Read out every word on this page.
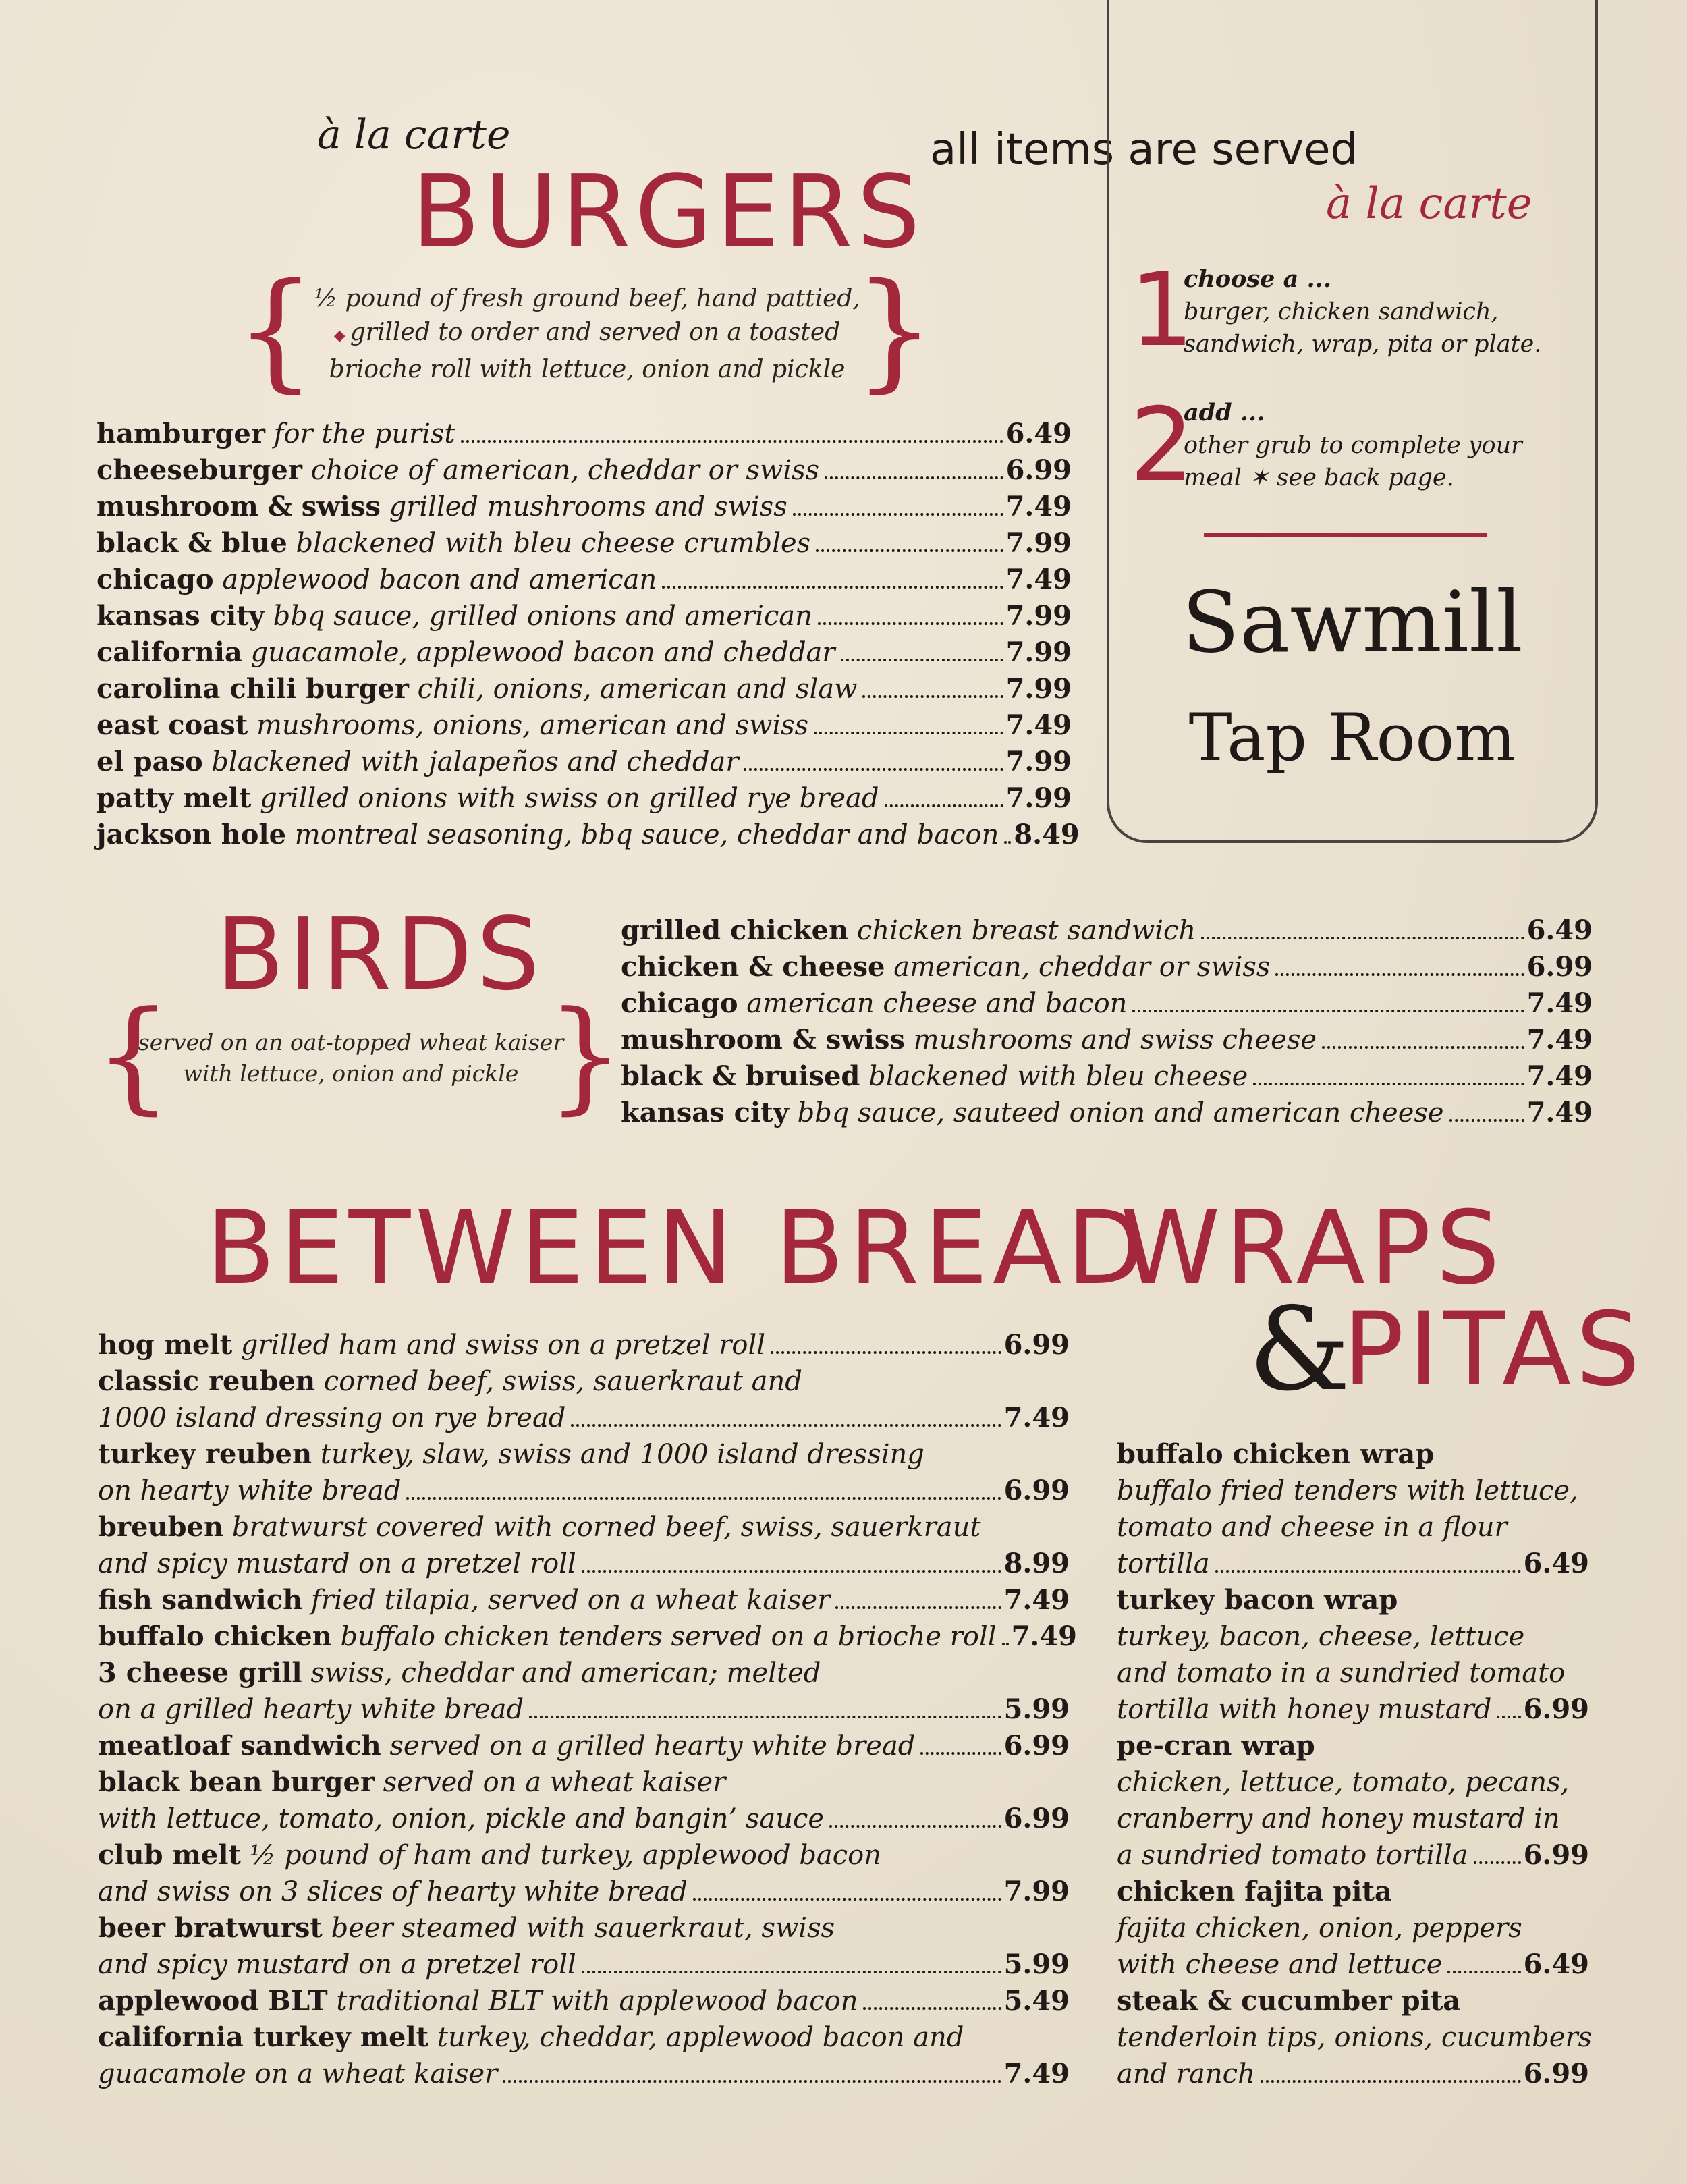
à la carte
BURGERS
all items are served
à la carte
{
½ pound of fresh ground beef, hand pattied,
◆ grilled to order and served on a toasted
brioche roll with lettuce, onion and pickle }
hamburger for the purist	6.49
cheeseburger choice of american, cheddar or swiss	6.99
mushroom & swiss grilled mushrooms and swiss	7.49
black & blue blackened with bleu cheese crumbles	7.99
chicago applewood bacon and american	7.49
kansas city bbq sauce, grilled onions and american	7.99
california guacamole, applewood bacon and cheddar	7.99
carolina chili burger chili, onions, american and slaw	7.99
east coast mushrooms, onions, american and swiss	7.49
el paso blackened with jalapeños and cheddar	7.99
patty melt grilled onions with swiss on grilled rye bread	7.99
jackson hole montreal seasoning, bbq sauce, cheddar and bacon 8.49
1
choose a ...
burger, chicken sandwich,
sandwich, wrap, pita or plate.
2
add ...
other grub to complete your
meal ✶ see back page.
Sawmill
Tap Room
BIRDS
{
served on an oat-topped wheat kaiser
with lettuce, onion and pickle }
grilled chicken chicken breast sandwich	6.49
chicken & cheese american, cheddar or swiss	6.99
chicago american cheese and bacon	7.49
mushroom & swiss mushrooms and swiss cheese	7.49
black & bruised blackened with bleu cheese	7.49
kansas city bbq sauce, sauteed onion and american cheese	7.49
BETWEEN BREAD
hog melt grilled ham and swiss on a pretzel roll	6.99
classic reuben corned beef, swiss, sauerkraut and
1000 island dressing on rye bread	7.49
turkey reuben turkey, slaw, swiss and 1000 island dressing
on hearty white bread	6.99
breuben bratwurst covered with corned beef, swiss, sauerkraut
and spicy mustard on a pretzel roll	8.99
fish sandwich fried tilapia, served on a wheat kaiser	7.49
buffalo chicken buffalo chicken tenders served on a brioche roll 7.49
3 cheese grill swiss, cheddar and american; melted
on a grilled hearty white bread	5.99
meatloaf sandwich served on a grilled hearty white bread	6.99
black bean burger served on a wheat kaiser
with lettuce, tomato, onion, pickle and bangin’ sauce	6.99
club melt ½ pound of ham and turkey, applewood bacon
and swiss on 3 slices of hearty white bread	7.99
beer bratwurst beer steamed with sauerkraut, swiss
and spicy mustard on a pretzel roll	5.99
applewood BLT traditional BLT with applewood bacon	5.49
california turkey melt turkey, cheddar, applewood bacon and
guacamole on a wheat kaiser	7.49
WRAPS
&
PITAS
buffalo chicken wrap
buffalo fried tenders with lettuce,
tomato and cheese in a flour
tortilla	6.49
turkey bacon wrap
turkey, bacon, cheese, lettuce
and tomato in a sundried tomato
tortilla with honey mustard 6.99
pe-cran wrap
chicken, lettuce, tomato, pecans,
cranberry and honey mustard in
a sundried tomato tortilla 6.99
chicken fajita pita
fajita chicken, onion, peppers
with cheese and lettuce	6.49
steak & cucumber pita
tenderloin tips, onions, cucumbers
and ranch	6.99
